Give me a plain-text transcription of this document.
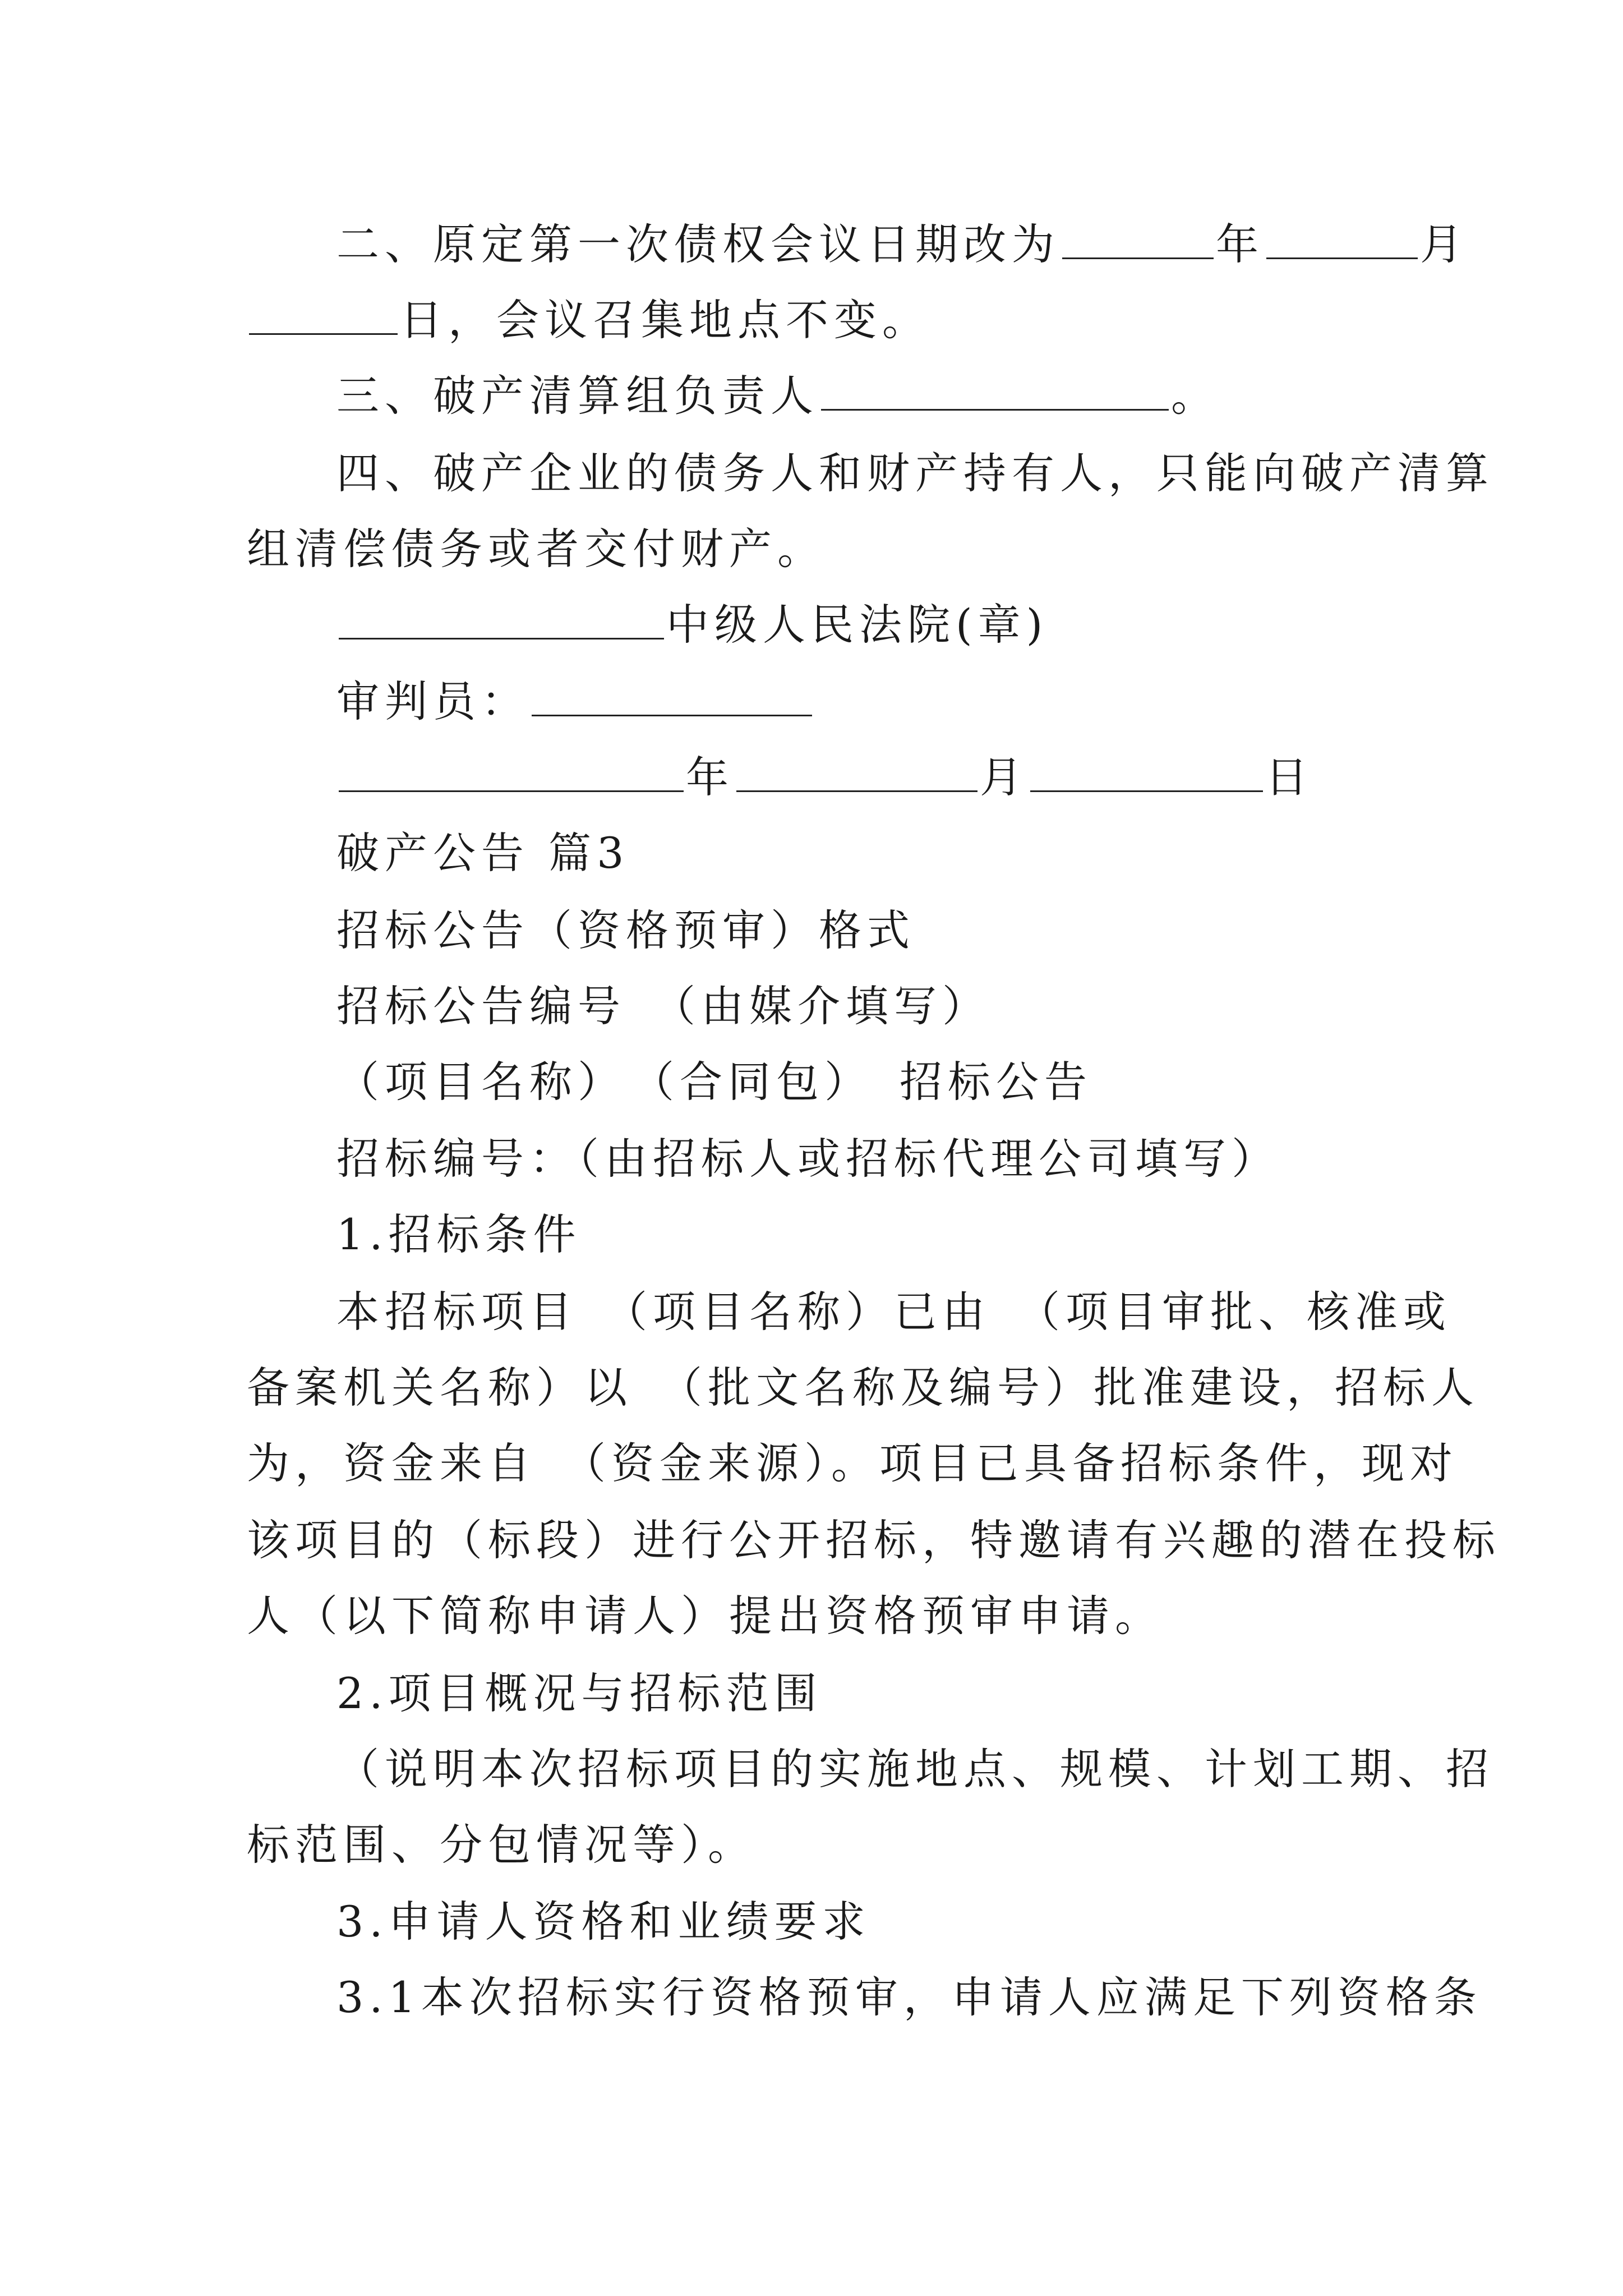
二、原定第一次债权会议日期改为	年	月
日，会议召集地点不变。
三、破产清算组负责人	。
四、破产企业的债务人和财产持有人，只能向破产清算
组清偿债务或者交付财产。
中级人民法院(章)
审判员：
年	月	日
破产公告 篇3
招标公告（资格预审）格式
招标公告编号　（由媒介填写）
（项目名称）　（合同包）　招标公告
招标编号：（由招标人或招标代理公司填写）
1.招标条件
本招标项目　（项目名称）已由　（项目审批、核准或
备案机关名称）以　（批文名称及编号）批准建设，招标人
为，资金来自　（资金来源）。项目已具备招标条件，现对
该项目的（标段）进行公开招标，特邀请有兴趣的潜在投标
人（以下简称申请人）提出资格预审申请。
2.项目概况与招标范围
（说明本次招标项目的实施地点、规模、计划工期、招
标范围、分包情况等）。
3.申请人资格和业绩要求
3.1本次招标实行资格预审，申请人应满足下列资格条
